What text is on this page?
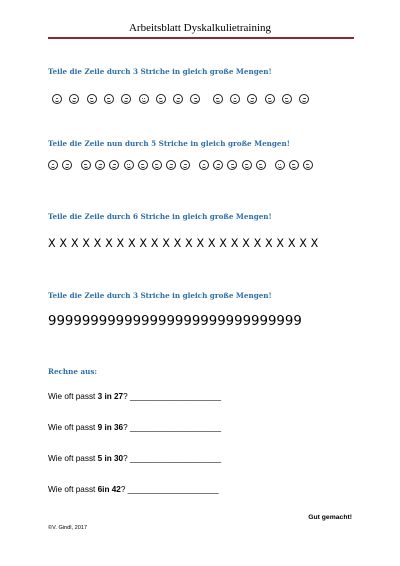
Arbeitsblatt Dyskalkulietraining
Teile die Zeile durch 3 Striche in gleich große Mengen!
Teile die Zeile nun durch 5 Striche in gleich große Mengen!
Teile die Zeile durch 6 Striche in gleich große Mengen!
X X X X X X X X X X X X X X X X X X X X X X X X
Teile die Zeile durch 3 Striche in gleich große Mengen!
999999999999999999999999999999
Rechne aus:
Wie oft passt 3 in 27? ____________________
Wie oft passt 9 in 36? ____________________
Wie oft passt 5 in 30? ____________________
Wie oft passt 6in 42? ____________________
Gut gemacht!
©V. Gindl, 2017
